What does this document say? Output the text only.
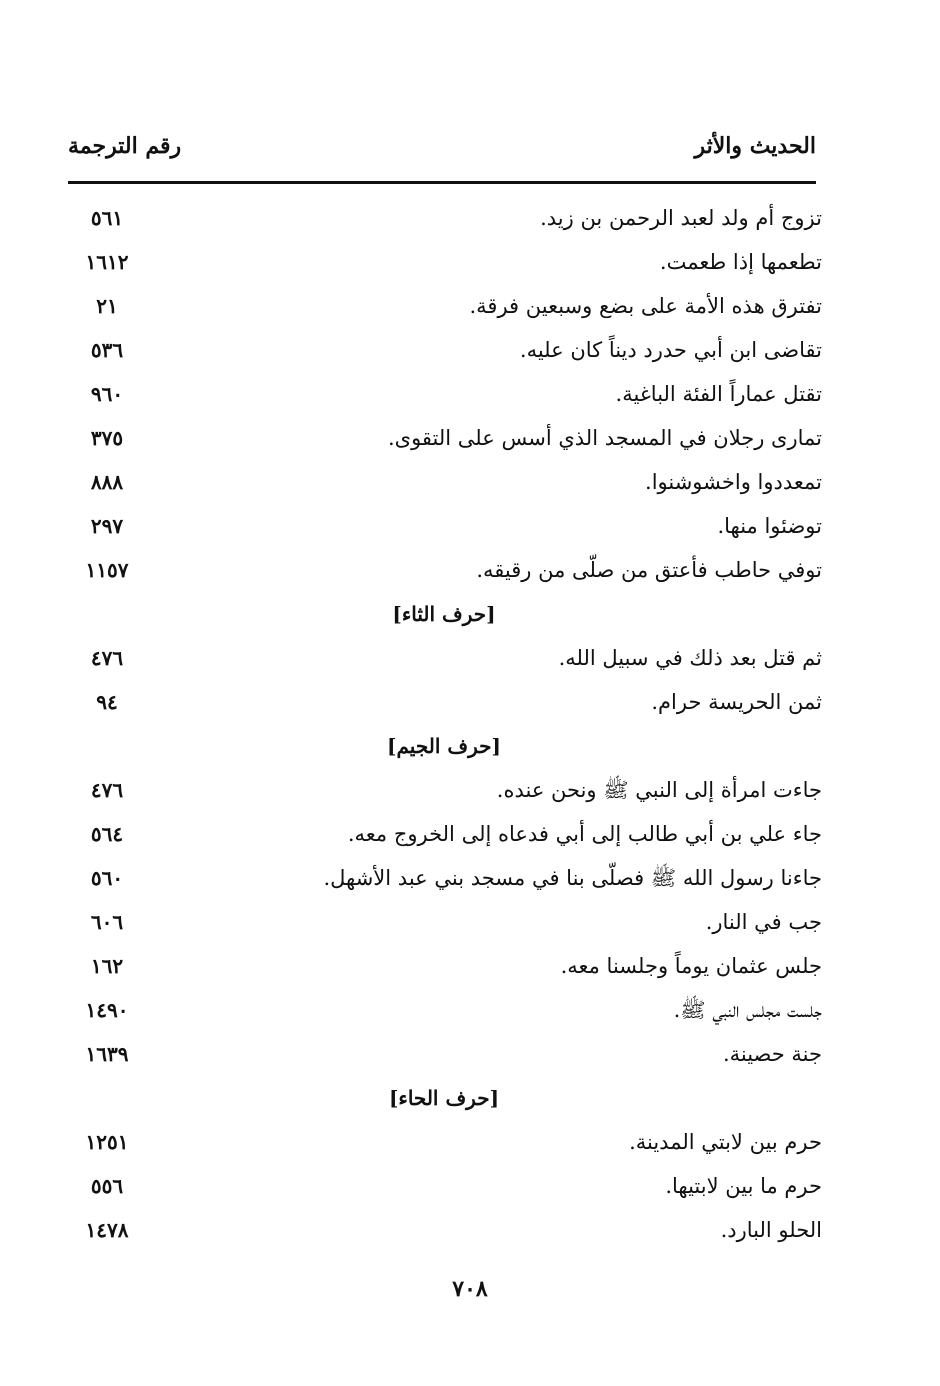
الحديث والأثر
رقم الترجمة
تزوج أم ولد لعبد الرحمن بن زيد.
٥٦١
تطعمها إذا طعمت.
١٦١٢
تفترق هذه الأمة على بضع وسبعين فرقة.
٢١
تقاضى ابن أبي حدرد ديناً كان عليه.
٥٣٦
تقتل عماراً الفئة الباغية.
٩٦٠
تمارى رجلان في المسجد الذي أسس على التقوى.
٣٧٥
تمعددوا واخشوشنوا.
٨٨٨
توضئوا منها.
٢٩٧
توفي حاطب فأعتق من صلّى من رقيقه.
١١٥٧
[حرف الثاء]
ثم قتل بعد ذلك في سبيل الله.
٤٧٦
ثمن الحريسة حرام.
٩٤
[حرف الجيم]
جاءت امرأة إلى النبي ﷺ ونحن عنده.
٤٧٦
جاء علي بن أبي طالب إلى أبي فدعاه إلى الخروج معه.
٥٦٤
جاءنا رسول الله ﷺ فصلّى بنا في مسجد بني عبد الأشهل.
٥٦٠
جب في النار.
٦٠٦
جلس عثمان يوماً وجلسنا معه.
١٦٢
جلست مجلس النبي ﷺ.
١٤٩٠
جنة حصينة.
١٦٣٩
[حرف الحاء]
حرم بين لابتي المدينة.
١٢٥١
حرم ما بين لابتيها.
٥٥٦
الحلو البارد.
١٤٧٨
٧٠٨
